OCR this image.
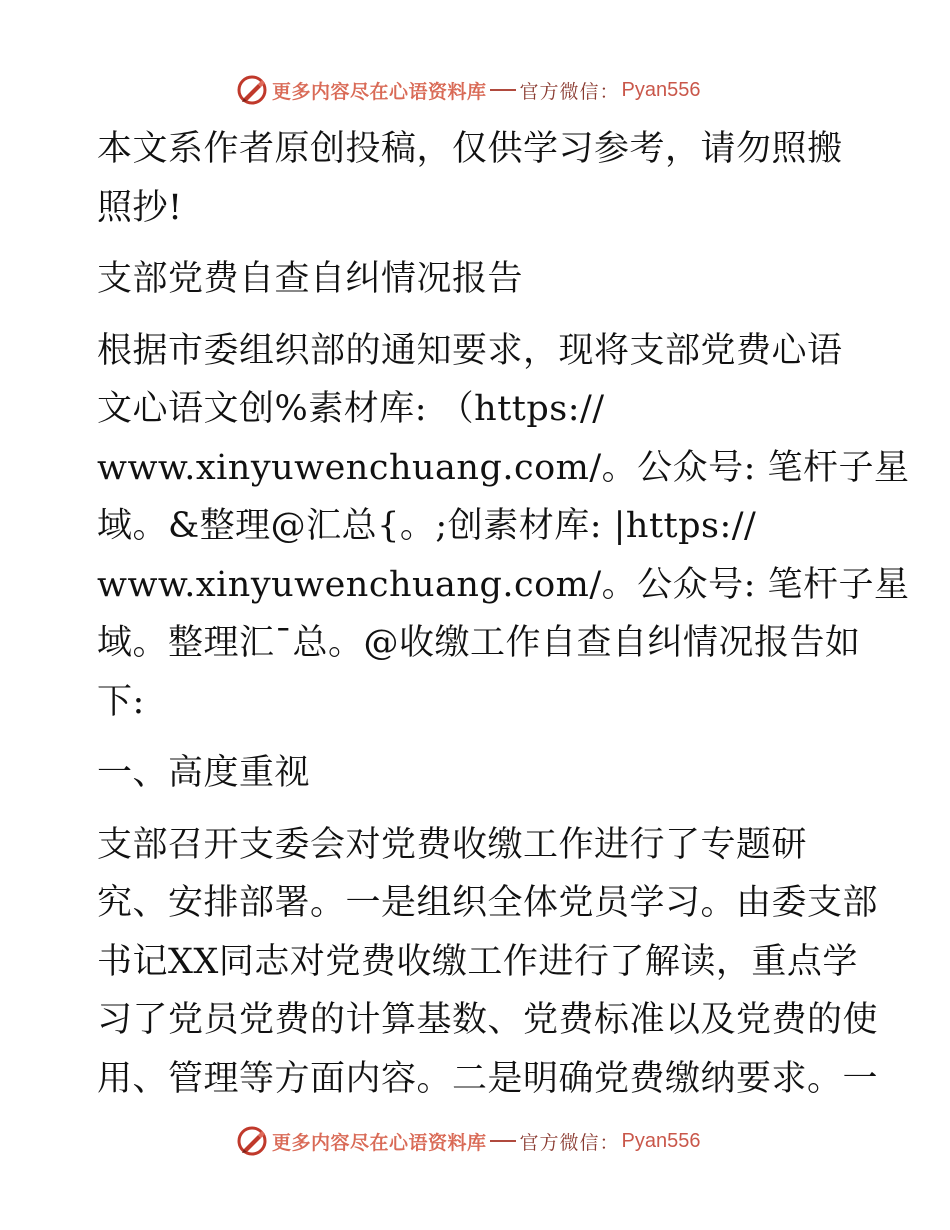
更多内容尽在心语资料库 官方微信： Pyan556

本文系作者原创投稿，仅供学习参考，请勿照搬
照抄!

支部党费自查自纠情况报告

根据市委组织部的通知要求，现将支部党费心语
文心语文创%素材库: （https://
www.xinyuwenchuang.com/。公众号: 笔杆子星
域。&整理@汇总{。;创素材库: |https://
www.xinyuwenchuang.com/。公众号: 笔杆子星
域。整理汇¯总。@收缴工作自查自纠情况报告如
下:

一、高度重视

支部召开支委会对党费收缴工作进行了专题研
究、安排部署。一是组织全体党员学习。由委支部
书记XX同志对党费收缴工作进行了解读，重点学
习了党员党费的计算基数、党费标准以及党费的使
用、管理等方面内容。二是明确党费缴纳要求。一

更多内容尽在心语资料库 官方微信： Pyan556
